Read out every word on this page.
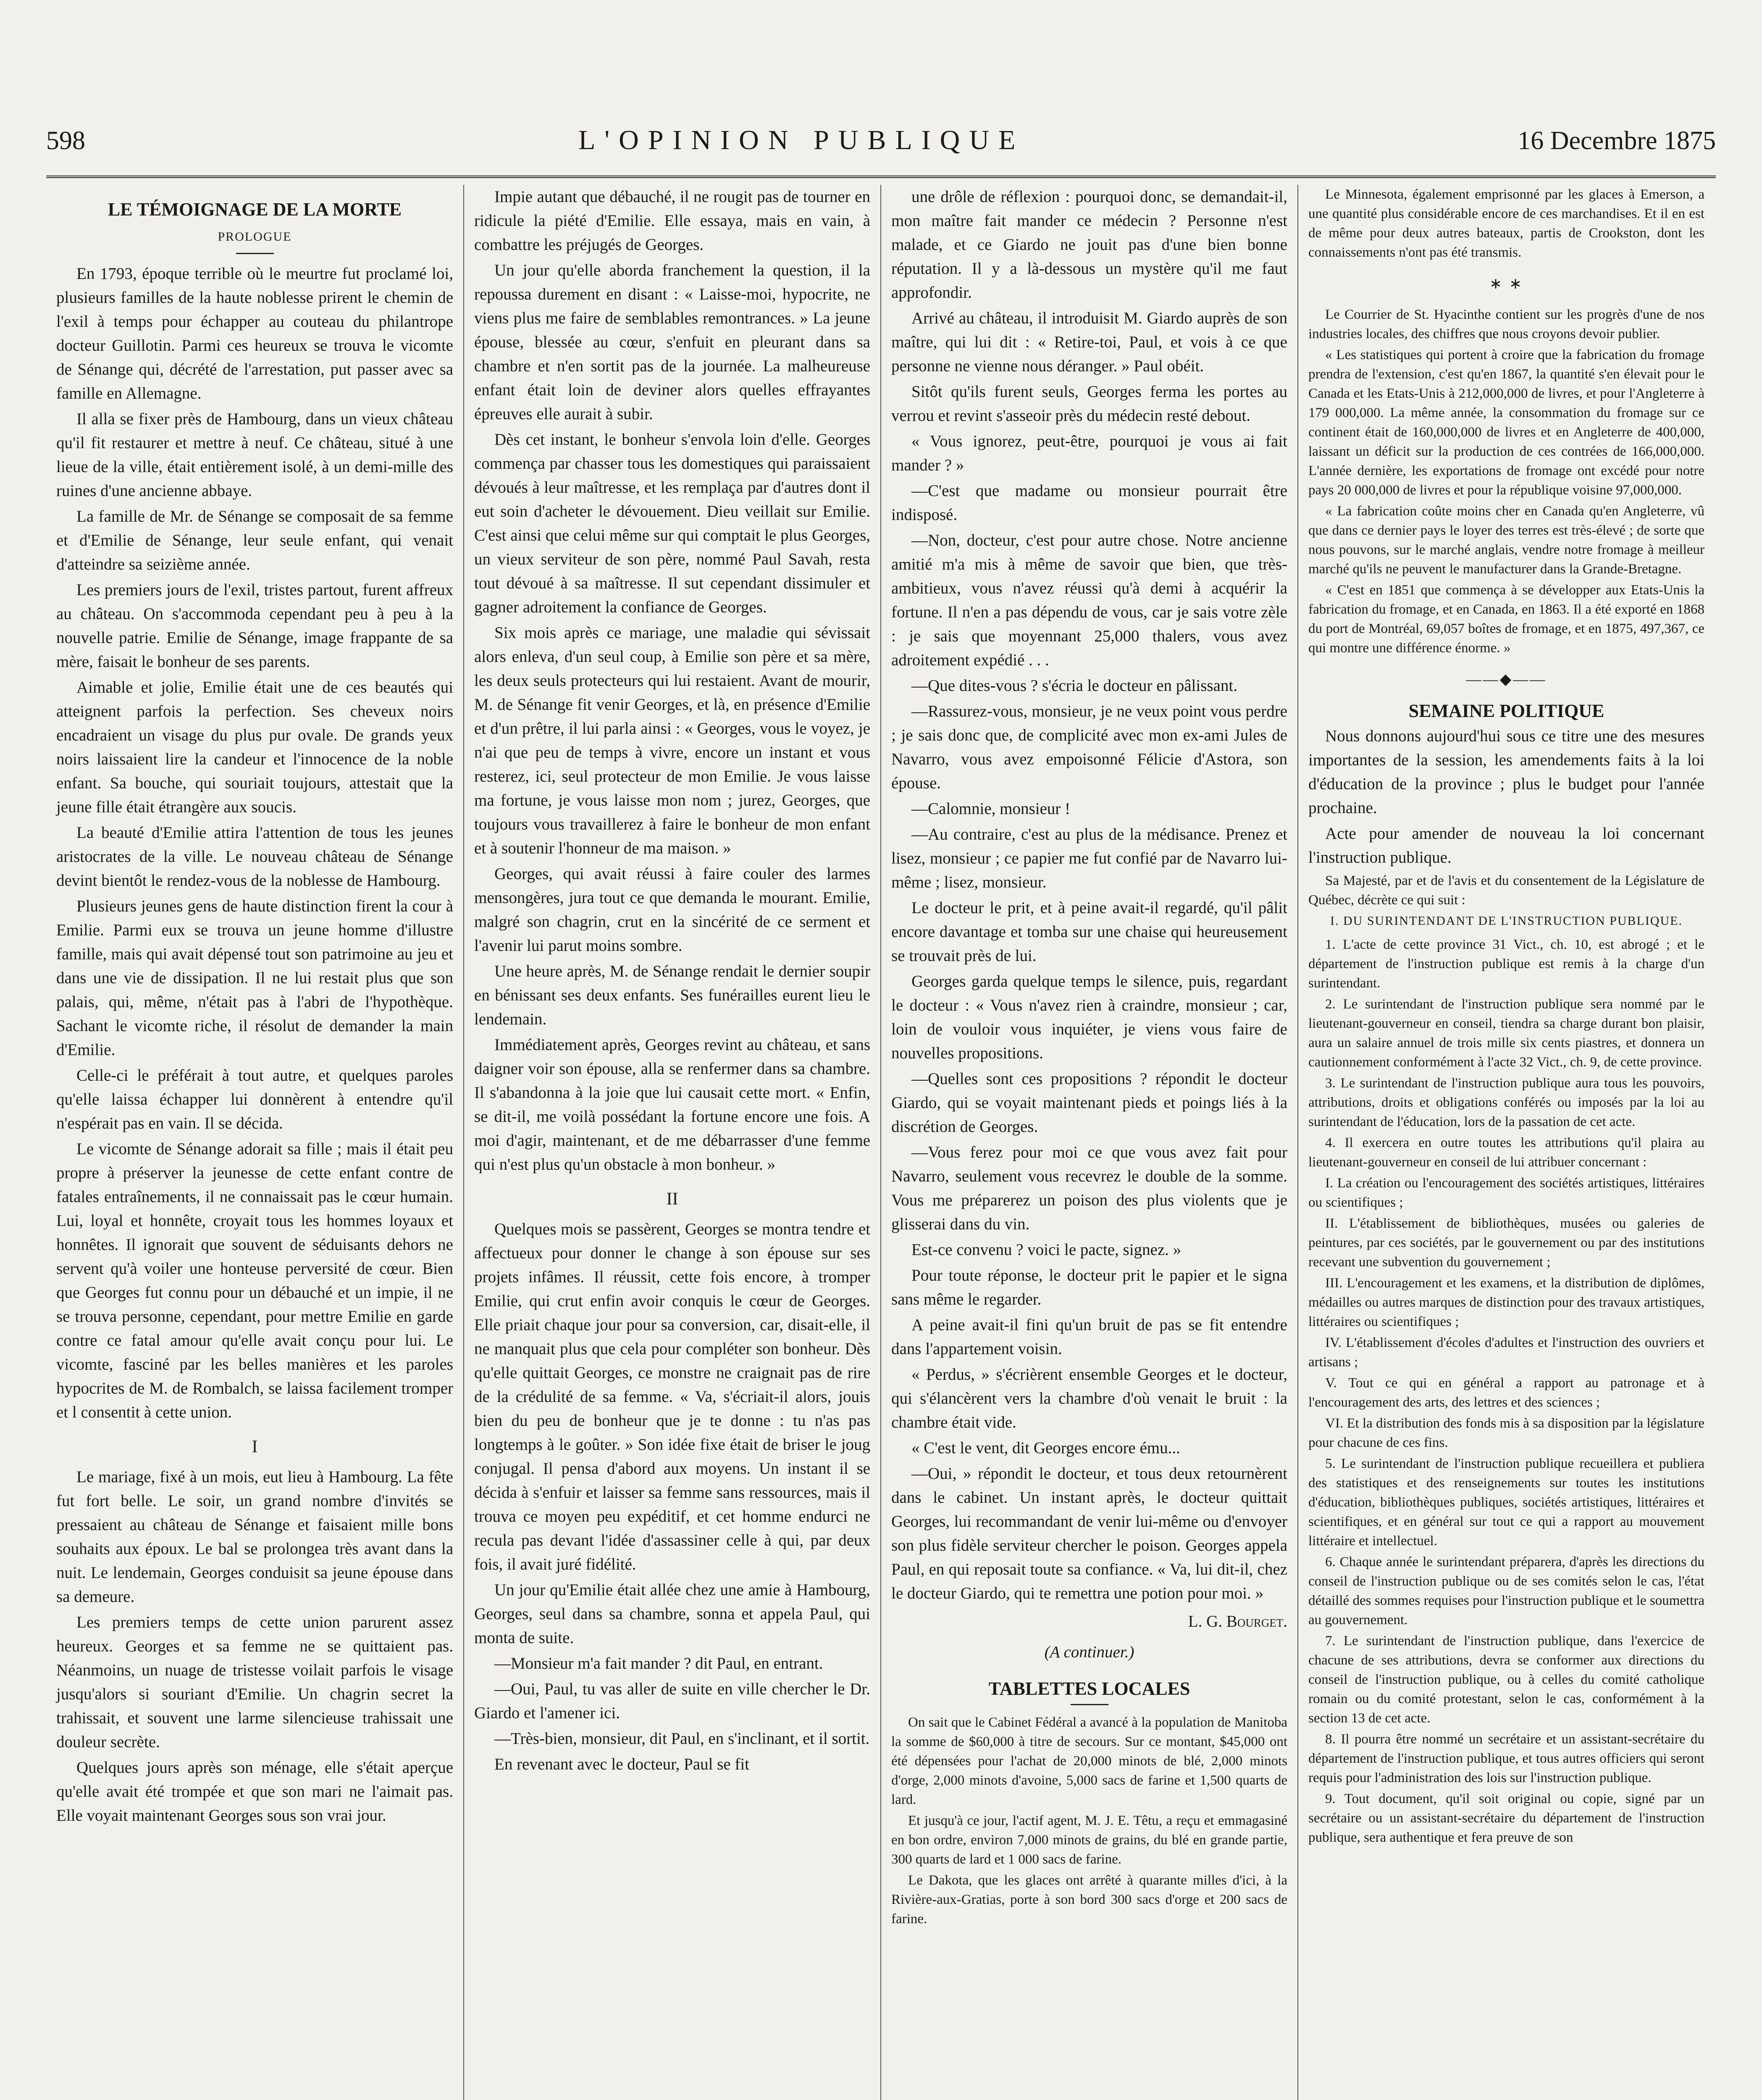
598	L'OPINION PUBLIQUE	16 Decembre 1875
LE TÉMOIGNAGE DE LA MORTE
PROLOGUE

En 1793, époque terrible où le meurtre fut proclamé loi, plusieurs familles de la haute noblesse prirent le chemin de l'exil à temps pour échapper au couteau du philantrope docteur Guillotin. Parmi ces heureux se trouva le vicomte de Sénange qui, décrété de l'arrestation, put passer avec sa famille en Allemagne.

Il alla se fixer près de Hambourg, dans un vieux château qu'il fit restaurer et mettre à neuf. Ce château, situé à une lieue de la ville, était entièrement isolé, à un demi-mille des ruines d'une ancienne abbaye.

La famille de Mr. de Sénange se composait de sa femme et d'Emilie de Sénange, leur seule enfant, qui venait d'atteindre sa seizième année.

Les premiers jours de l'exil, tristes partout, furent affreux au château. On s'accommoda cependant peu à peu à la nouvelle patrie. Emilie de Sénange, image frappante de sa mère, faisait le bonheur de ses parents.

Aimable et jolie, Emilie était une de ces beautés qui atteignent parfois la perfection. Ses cheveux noirs encadraient un visage du plus pur ovale. De grands yeux noirs laissaient lire la candeur et l'innocence de la noble enfant. Sa bouche, qui souriait toujours, attestait que la jeune fille était étrangère aux soucis.

La beauté d'Emilie attira l'attention de tous les jeunes aristocrates de la ville. Le nouveau château de Sénange devint bientôt le rendez-vous de la noblesse de Hambourg.

Plusieurs jeunes gens de haute distinction firent la cour à Emilie. Parmi eux se trouva un jeune homme d'illustre famille, mais qui avait dépensé tout son patrimoine au jeu et dans une vie de dissipation. Il ne lui restait plus que son palais, qui, même, n'était pas à l'abri de l'hypothèque. Sachant le vicomte riche, il résolut de demander la main d'Emilie.

Celle-ci le préférait à tout autre, et quelques paroles qu'elle laissa échapper lui donnèrent à entendre qu'il n'espérait pas en vain. Il se décida.

Le vicomte de Sénange adorait sa fille ; mais il était peu propre à préserver la jeunesse de cette enfant contre de fatales entraînements, il ne connaissait pas le cœur humain. Lui, loyal et honnête, croyait tous les hommes loyaux et honnêtes. Il ignorait que souvent de séduisants dehors ne servent qu'à voiler une honteuse perversité de cœur. Bien que Georges fut connu pour un débauché et un impie, il ne se trouva personne, cependant, pour mettre Emilie en garde contre ce fatal amour qu'elle avait conçu pour lui. Le vicomte, fasciné par les belles manières et les paroles hypocrites de M. de Rombalch, se laissa facilement tromper et l consentit à cette union.

I

Le mariage, fixé à un mois, eut lieu à Hambourg. La fête fut fort belle. Le soir, un grand nombre d'invités se pressaient au château de Sénange et faisaient mille bons souhaits aux époux. Le bal se prolongea très avant dans la nuit. Le lendemain, Georges conduisit sa jeune épouse dans sa demeure.

Les premiers temps de cette union parurent assez heureux. Georges et sa femme ne se quittaient pas. Néanmoins, un nuage de tristesse voilait parfois le visage jusqu'alors si souriant d'Emilie. Un chagrin secret la trahissait, et souvent une larme silencieuse trahissait une douleur secrète.

Quelques jours après son ménage, elle s'était aperçue qu'elle avait été trompée et que son mari ne l'aimait pas. Elle voyait maintenant Georges sous son vrai jour.

Impie autant que débauché, il ne rougit pas de tourner en ridicule la piété d'Emilie. Elle essaya, mais en vain, à combattre les préjugés de Georges.

Un jour qu'elle aborda franchement la question, il la repoussa durement en disant : « Laisse-moi, hypocrite, ne viens plus me faire de semblables remontrances. » La jeune épouse, blessée au cœur, s'enfuit en pleurant dans sa chambre et n'en sortit pas de la journée. La malheureuse enfant était loin de deviner alors quelles effrayantes épreuves elle aurait à subir.

Dès cet instant, le bonheur s'envola loin d'elle. Georges commença par chasser tous les domestiques qui paraissaient dévoués à leur maîtresse, et les remplaça par d'autres dont il eut soin d'acheter le dévouement. Dieu veillait sur Emilie. C'est ainsi que celui même sur qui comptait le plus Georges, un vieux serviteur de son père, nommé Paul Savah, resta tout dévoué à sa maîtresse. Il sut cependant dissimuler et gagner adroitement la confiance de Georges.

Six mois après ce mariage, une maladie qui sévissait alors enleva, d'un seul coup, à Emilie son père et sa mère, les deux seuls protecteurs qui lui restaient. Avant de mourir, M. de Sénange fit venir Georges, et là, en présence d'Emilie et d'un prêtre, il lui parla ainsi : « Georges, vous le voyez, je n'ai que peu de temps à vivre, encore un instant et vous resterez, ici, seul protecteur de mon Emilie. Je vous laisse ma fortune, je vous laisse mon nom ; jurez, Georges, que toujours vous travaillerez à faire le bonheur de mon enfant et à soutenir l'honneur de ma maison. »

Georges, qui avait réussi à faire couler des larmes mensongères, jura tout ce que demanda le mourant. Emilie, malgré son chagrin, crut en la sincérité de ce serment et l'avenir lui parut moins sombre.

Une heure après, M. de Sénange rendait le dernier soupir en bénissant ses deux enfants. Ses funérailles eurent lieu le lendemain.

Immédiatement après, Georges revint au château, et sans daigner voir son épouse, alla se renfermer dans sa chambre. Il s'abandonna à la joie que lui causait cette mort. « Enfin, se dit-il, me voilà possédant la fortune encore une fois. A moi d'agir, maintenant, et de me débarrasser d'une femme qui n'est plus qu'un obstacle à mon bonheur. »

II

Quelques mois se passèrent, Georges se montra tendre et affectueux pour donner le change à son épouse sur ses projets infâmes. Il réussit, cette fois encore, à tromper Emilie, qui crut enfin avoir conquis le cœur de Georges. Elle priait chaque jour pour sa conversion, car, disait-elle, il ne manquait plus que cela pour compléter son bonheur. Dès qu'elle quittait Georges, ce monstre ne craignait pas de rire de la crédulité de sa femme. « Va, s'écriait-il alors, jouis bien du peu de bonheur que je te donne : tu n'as pas longtemps à le goûter. » Son idée fixe était de briser le joug conjugal. Il pensa d'abord aux moyens. Un instant il se décida à s'enfuir et laisser sa femme sans ressources, mais il trouva ce moyen peu expéditif, et cet homme endurci ne recula pas devant l'idée d'assassiner celle à qui, par deux fois, il avait juré fidélité.

Un jour qu'Emilie était allée chez une amie à Hambourg, Georges, seul dans sa chambre, sonna et appela Paul, qui monta de suite.

—Monsieur m'a fait mander ? dit Paul, en entrant.

—Oui, Paul, tu vas aller de suite en ville chercher le Dr. Giardo et l'amener ici.

—Très-bien, monsieur, dit Paul, en s'inclinant, et il sortit.

En revenant avec le docteur, Paul se fit

une drôle de réflexion : pourquoi donc, se demandait-il, mon maître fait mander ce médecin ? Personne n'est malade, et ce Giardo ne jouit pas d'une bien bonne réputation. Il y a là-dessous un mystère qu'il me faut approfondir.

Arrivé au château, il introduisit M. Giardo auprès de son maître, qui lui dit : « Retire-toi, Paul, et vois à ce que personne ne vienne nous déranger. » Paul obéit.

Sitôt qu'ils furent seuls, Georges ferma les portes au verrou et revint s'asseoir près du médecin resté debout.

« Vous ignorez, peut-être, pourquoi je vous ai fait mander ? »

—C'est que madame ou monsieur pourrait être indisposé.

—Non, docteur, c'est pour autre chose. Notre ancienne amitié m'a mis à même de savoir que bien, que très-ambitieux, vous n'avez réussi qu'à demi à acquérir la fortune. Il n'en a pas dépendu de vous, car je sais votre zèle : je sais que moyennant 25,000 thalers, vous avez adroitement expédié . . .

—Que dites-vous ? s'écria le docteur en pâlissant.

—Rassurez-vous, monsieur, je ne veux point vous perdre ; je sais donc que, de complicité avec mon ex-ami Jules de Navarro, vous avez empoisonné Félicie d'Astora, son épouse.

—Calomnie, monsieur !

—Au contraire, c'est au plus de la médisance. Prenez et lisez, monsieur ; ce papier me fut confié par de Navarro lui-même ; lisez, monsieur.

Le docteur le prit, et à peine avait-il regardé, qu'il pâlit encore davantage et tomba sur une chaise qui heureusement se trouvait près de lui.

Georges garda quelque temps le silence, puis, regardant le docteur : « Vous n'avez rien à craindre, monsieur ; car, loin de vouloir vous inquiéter, je viens vous faire de nouvelles propositions.

—Quelles sont ces propositions ? répondit le docteur Giardo, qui se voyait maintenant pieds et poings liés à la discrétion de Georges.

—Vous ferez pour moi ce que vous avez fait pour Navarro, seulement vous recevrez le double de la somme. Vous me préparerez un poison des plus violents que je glisserai dans du vin.

Est-ce convenu ? voici le pacte, signez. »

Pour toute réponse, le docteur prit le papier et le signa sans même le regarder.

A peine avait-il fini qu'un bruit de pas se fit entendre dans l'appartement voisin.

« Perdus, » s'écrièrent ensemble Georges et le docteur, qui s'élancèrent vers la chambre d'où venait le bruit : la chambre était vide.

« C'est le vent, dit Georges encore ému...

—Oui, » répondit le docteur, et tous deux retournèrent dans le cabinet. Un instant après, le docteur quittait Georges, lui recommandant de venir lui-même ou d'envoyer son plus fidèle serviteur chercher le poison. Georges appela Paul, en qui reposait toute sa confiance. « Va, lui dit-il, chez le docteur Giardo, qui te remettra une potion pour moi. »

L. G. Bourget.
(A continuer.)
TABLETTES LOCALES

On sait que le Cabinet Fédéral a avancé à la population de Manitoba la somme de $60,000 à titre de secours. Sur ce montant, $45,000 ont été dépensées pour l'achat de 20,000 minots de blé, 2,000 minots d'orge, 2,000 minots d'avoine, 5,000 sacs de farine et 1,500 quarts de lard.

Et jusqu'à ce jour, l'actif agent, M. J. E. Têtu, a reçu et emmagasiné en bon ordre, environ 7,000 minots de grains, du blé en grande partie, 300 quarts de lard et 1 000 sacs de farine.

Le Dakota, que les glaces ont arrêté à quarante milles d'ici, à la Rivière-aux-Gratias, porte à son bord 300 sacs d'orge et 200 sacs de farine.

Le Minnesota, également emprisonné par les glaces à Emerson, a une quantité plus considérable encore de ces marchandises. Et il en est de même pour deux autres bateaux, partis de Crookston, dont les connaissements n'ont pas été transmis.

∗ ∗

Le Courrier de St. Hyacinthe contient sur les progrès d'une de nos industries locales, des chiffres que nous croyons devoir publier.

« Les statistiques qui portent à croire que la fabrication du fromage prendra de l'extension, c'est qu'en 1867, la quantité s'en élevait pour le Canada et les Etats-Unis à 212,000,000 de livres, et pour l'Angleterre à 179 000,000. La même année, la consommation du fromage sur ce continent était de 160,000,000 de livres et en Angleterre de 400,000, laissant un déficit sur la production de ces contrées de 166,000,000. L'année dernière, les exportations de fromage ont excédé pour notre pays 20 000,000 de livres et pour la république voisine 97,000,000.

« La fabrication coûte moins cher en Canada qu'en Angleterre, vû que dans ce dernier pays le loyer des terres est très-élevé ; de sorte que nous pouvons, sur le marché anglais, vendre notre fromage à meilleur marché qu'ils ne peuvent le manufacturer dans la Grande-Bretagne.

« C'est en 1851 que commença à se développer aux Etats-Unis la fabrication du fromage, et en Canada, en 1863. Il a été exporté en 1868 du port de Montréal, 69,057 boîtes de fromage, et en 1875, 497,367, ce qui montre une différence énorme. »

——◆——
SEMAINE POLITIQUE

Nous donnons aujourd'hui sous ce titre une des mesures importantes de la session, les amendements faits à la loi d'éducation de la province ; plus le budget pour l'année prochaine.

Acte pour amender de nouveau la loi concernant l'instruction publique.

Sa Majesté, par et de l'avis et du consentement de la Législature de Québec, décrète ce qui suit :

I. DU SURINTENDANT DE L'INSTRUCTION PUBLIQUE.

1. L'acte de cette province 31 Vict., ch. 10, est abrogé ; et le département de l'instruction publique est remis à la charge d'un surintendant.

2. Le surintendant de l'instruction publique sera nommé par le lieutenant-gouverneur en conseil, tiendra sa charge durant bon plaisir, aura un salaire annuel de trois mille six cents piastres, et donnera un cautionnement conformément à l'acte 32 Vict., ch. 9, de cette province.

3. Le surintendant de l'instruction publique aura tous les pouvoirs, attributions, droits et obligations conférés ou imposés par la loi au surintendant de l'éducation, lors de la passation de cet acte.

4. Il exercera en outre toutes les attributions qu'il plaira au lieutenant-gouverneur en conseil de lui attribuer concernant :

I. La création ou l'encouragement des sociétés artistiques, littéraires ou scientifiques ;

II. L'établissement de bibliothèques, musées ou galeries de peintures, par ces sociétés, par le gouvernement ou par des institutions recevant une subvention du gouvernement ;

III. L'encouragement et les examens, et la distribution de diplômes, médailles ou autres marques de distinction pour des travaux artistiques, littéraires ou scientifiques ;

IV. L'établissement d'écoles d'adultes et l'instruction des ouvriers et artisans ;

V. Tout ce qui en général a rapport au patronage et à l'encouragement des arts, des lettres et des sciences ;

VI. Et la distribution des fonds mis à sa disposition par la législature pour chacune de ces fins.

5. Le surintendant de l'instruction publique recueillera et publiera des statistiques et des renseignements sur toutes les institutions d'éducation, bibliothèques publiques, sociétés artistiques, littéraires et scientifiques, et en général sur tout ce qui a rapport au mouvement littéraire et intellectuel.

6. Chaque année le surintendant préparera, d'après les directions du conseil de l'instruction publique ou de ses comités selon le cas, l'état détaillé des sommes requises pour l'instruction publique et le soumettra au gouvernement.

7. Le surintendant de l'instruction publique, dans l'exercice de chacune de ses attributions, devra se conformer aux directions du conseil de l'instruction publique, ou à celles du comité catholique romain ou du comité protestant, selon le cas, conformément à la section 13 de cet acte.

8. Il pourra être nommé un secrétaire et un assistant-secrétaire du département de l'instruction publique, et tous autres officiers qui seront requis pour l'administration des lois sur l'instruction publique.

9. Tout document, qu'il soit original ou copie, signé par un secrétaire ou un assistant-secrétaire du département de l'instruction publique, sera authentique et fera preuve de son
